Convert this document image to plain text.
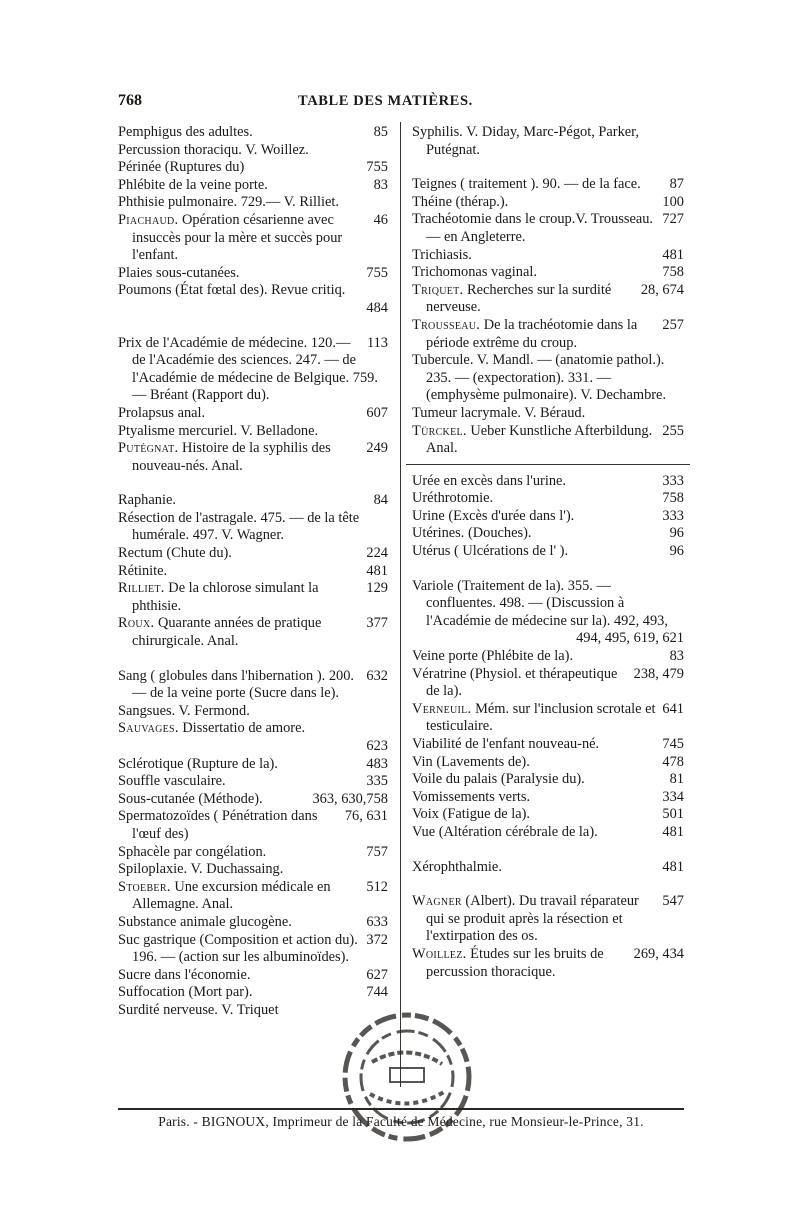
768	TABLE DES MATIÈRES.

85
Pemphigus des adultes.

Percussion thoraciqu. V. Woillez.

755
Périnée (Ruptures du)

83
Phlébite de la veine porte.

Phthisie pulmonaire. 729.— V. Rilliet.

46
Piachaud. Opération césarienne avec insuccès pour la mère et succès pour l'enfant.

755
Plaies sous-cutanées.

Poumons (État fœtal des). Revue critiq.
484

113
Prix de l'Académie de médecine. 120.— de l'Académie des sciences. 247. — de l'Académie de médecine de Belgique. 759. — Bréant (Rapport du).

607
Prolapsus anal.

Ptyalisme mercuriel. V. Belladone.

249
Putégnat. Histoire de la syphilis des nouveau-nés. Anal.

84
Raphanie.

Résection de l'astragale. 475. — de la tête humérale. 497. V. Wagner.

224
Rectum (Chute du).

481
Rétinite.

129
Rilliet. De la chlorose simulant la phthisie.

377
Roux. Quarante années de pratique chirurgicale. Anal.

632
Sang ( globules dans l'hibernation ). 200. — de la veine porte (Sucre dans le).

Sangsues. V. Fermond.

Sauvages. Dissertatio de amore.
623

483
Sclérotique (Rupture de la).

335
Souffle vasculaire.

363, 630,758
Sous-cutanée (Méthode).

76, 631
Spermatozoïdes ( Pénétration dans l'œuf des)

757
Sphacèle par congélation.

Spiloplaxie. V. Duchassaing.

512
Stoeber. Une excursion médicale en Allemagne. Anal.

633
Substance animale glucogène.

372
Suc gastrique (Composition et action du). 196. — (action sur les albuminoïdes).

627
Sucre dans l'économie.

744
Suffocation (Mort par).

Surdité nerveuse. V. Triquet

Syphilis. V. Diday, Marc-Pégot, Parker, Putégnat.

87
Teignes ( traitement ). 90. — de la face.

100
Théine (thérap.).

727
Trachéotomie dans le croup.V. Trousseau. — en Angleterre.

481
Trichiasis.

758
Trichomonas vaginal.

28, 674
Triquet. Recherches sur la surdité nerveuse.

257
Trousseau. De la trachéotomie dans la période extrême du croup.

Tubercule. V. Mandl. — (anatomie pathol.). 235. — (expectoration). 331. — (emphysème pulmonaire). V. Dechambre.

Tumeur lacrymale. V. Béraud.

255
Türckel. Ueber Kunstliche Afterbildung. Anal.

333
Urée en excès dans l'urine.

758
Uréthrotomie.

333
Urine (Excès d'urée dans l').

96
Utérines. (Douches).

96
Utérus ( Ulcérations de l' ).

Variole (Traitement de la). 355. — confluentes. 498. — (Discussion à l'Académie de médecine sur la). 492, 493,
494, 495, 619, 621

83
Veine porte (Phlébite de la).

238, 479
Vératrine (Physiol. et thérapeutique de la).

641
Verneuil. Mém. sur l'inclusion scrotale et testiculaire.

745
Viabilité de l'enfant nouveau-né.

478
Vin (Lavements de).

81
Voile du palais (Paralysie du).

334
Vomissements verts.

501
Voix (Fatigue de la).

481
Vue (Altération cérébrale de la).

481
Xérophthalmie.

547
Wagner (Albert). Du travail réparateur qui se produit après la résection et l'extirpation des os.

269, 434
Woillez. Études sur les bruits de percussion thoracique.

Paris. - BIGNOUX, Imprimeur de la Faculté de Médecine, rue Monsieur-le-Prince, 31.
